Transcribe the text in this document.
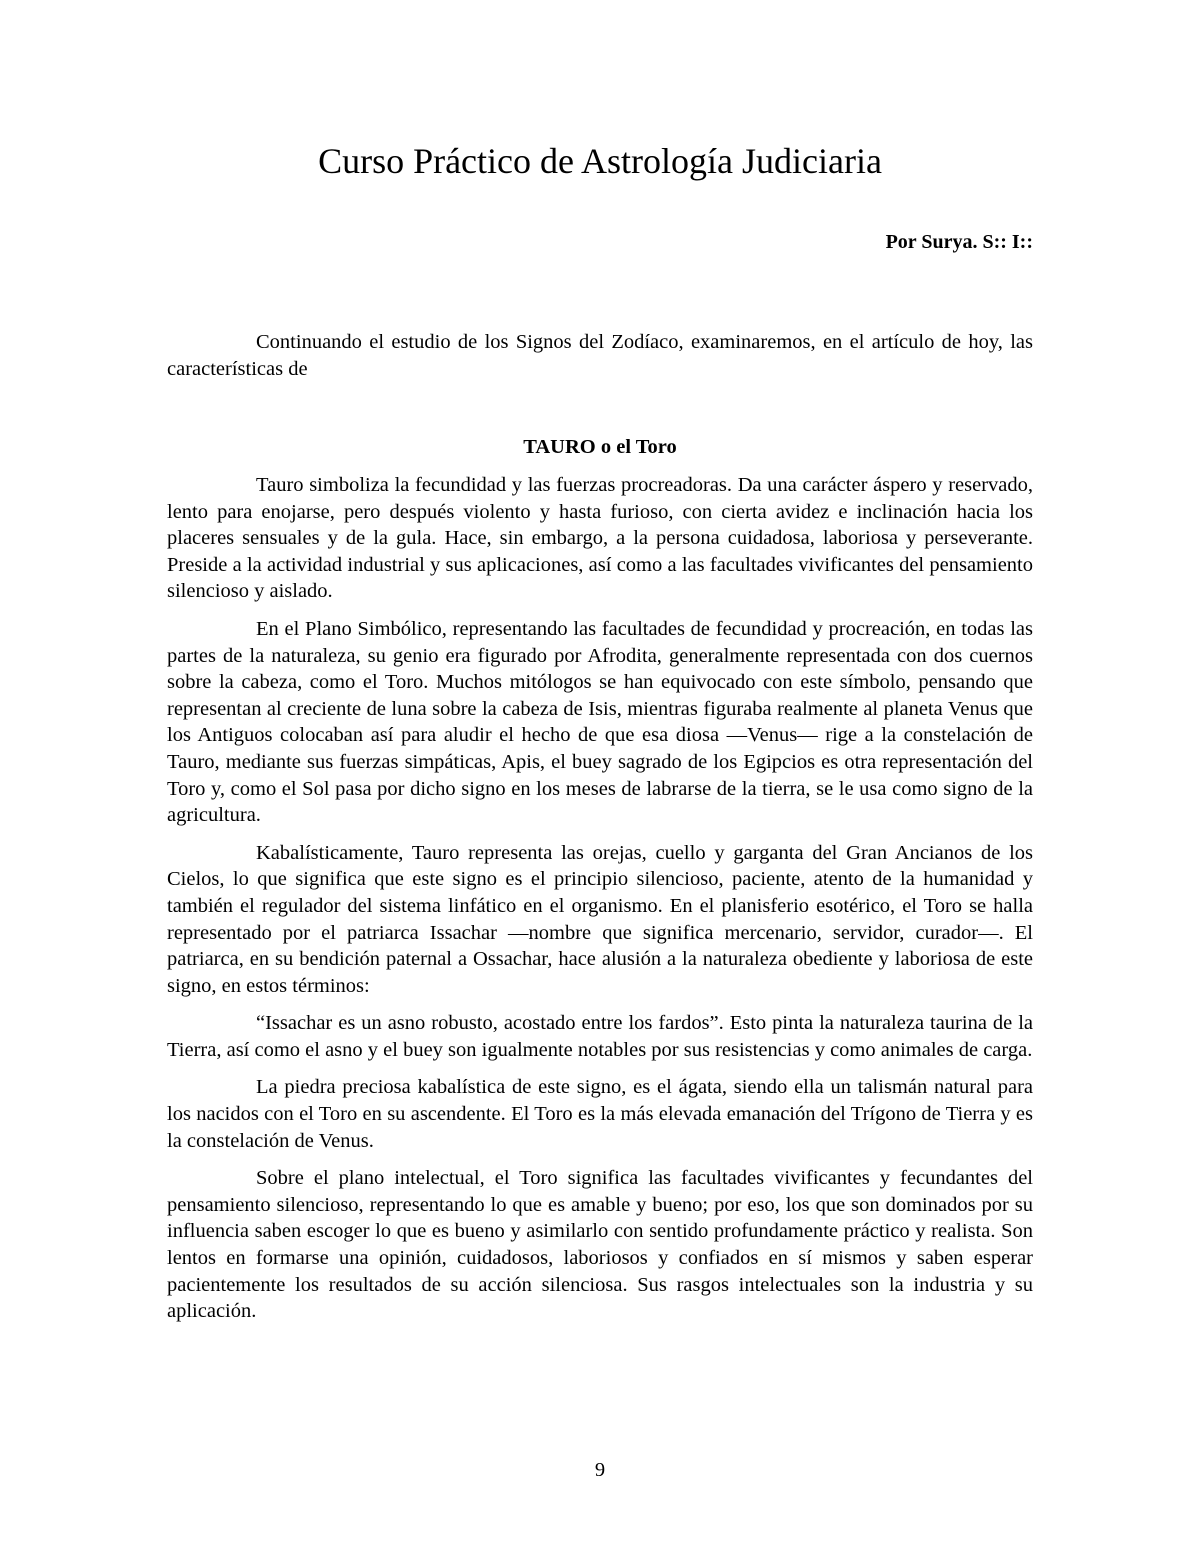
Curso Práctico de Astrología Judiciaria
Por Surya. S:: I::

Continuando el estudio de los Signos del Zodíaco, examinaremos, en el artículo de hoy, las características de

TAURO o el Toro

Tauro simboliza la fecundidad y las fuerzas procreadoras. Da una carácter áspero y reservado, lento para enojarse, pero después violento y hasta furioso, con cierta avidez e inclinación hacia los placeres sensuales y de la gula. Hace, sin embargo, a la persona cuidadosa, laboriosa y perseverante. Preside a la actividad industrial y sus aplicaciones, así como a las facultades vivificantes del pensamiento silencioso y aislado.

En el Plano Simbólico, representando las facultades de fecundidad y procreación, en todas las partes de la naturaleza, su genio era figurado por Afrodita, generalmente representada con dos cuernos sobre la cabeza, como el Toro. Muchos mitólogos se han equivocado con este símbolo, pensando que representan al creciente de luna sobre la cabeza de Isis, mientras figuraba realmente al planeta Venus que los Antiguos colocaban así para aludir el hecho de que esa diosa —Venus— rige a la constelación de Tauro, mediante sus fuerzas simpáticas, Apis, el buey sagrado de los Egipcios es otra representación del Toro y, como el Sol pasa por dicho signo en los meses de labrarse de la tierra, se le usa como signo de la agricultura.

Kabalísticamente, Tauro representa las orejas, cuello y garganta del Gran Ancianos de los Cielos, lo que significa que este signo es el principio silencioso, paciente, atento de la humanidad y también el regulador del sistema linfático en el organismo. En el planisferio esotérico, el Toro se halla representado por el patriarca Issachar —nombre que significa mercenario, servidor, curador—. El patriarca, en su bendición paternal a Ossachar, hace alusión a la naturaleza obediente y laboriosa de este signo, en estos términos:

“Issachar es un asno robusto, acostado entre los fardos”. Esto pinta la naturaleza taurina de la Tierra, así como el asno y el buey son igualmente notables por sus resistencias y como animales de carga.

La piedra preciosa kabalística de este signo, es el ágata, siendo ella un talismán natural para los nacidos con el Toro en su ascendente. El Toro es la más elevada emanación del Trígono de Tierra y es la constelación de Venus.

Sobre el plano intelectual, el Toro significa las facultades vivificantes y fecundantes del pensamiento silencioso, representando lo que es amable y bueno; por eso, los que son dominados por su influencia saben escoger lo que es bueno y asimilarlo con sentido profundamente práctico y realista. Son lentos en formarse una opinión, cuidadosos, laboriosos y confiados en sí mismos y saben esperar pacientemente los resultados de su acción silenciosa. Sus rasgos intelectuales son la industria y su aplicación.

9
